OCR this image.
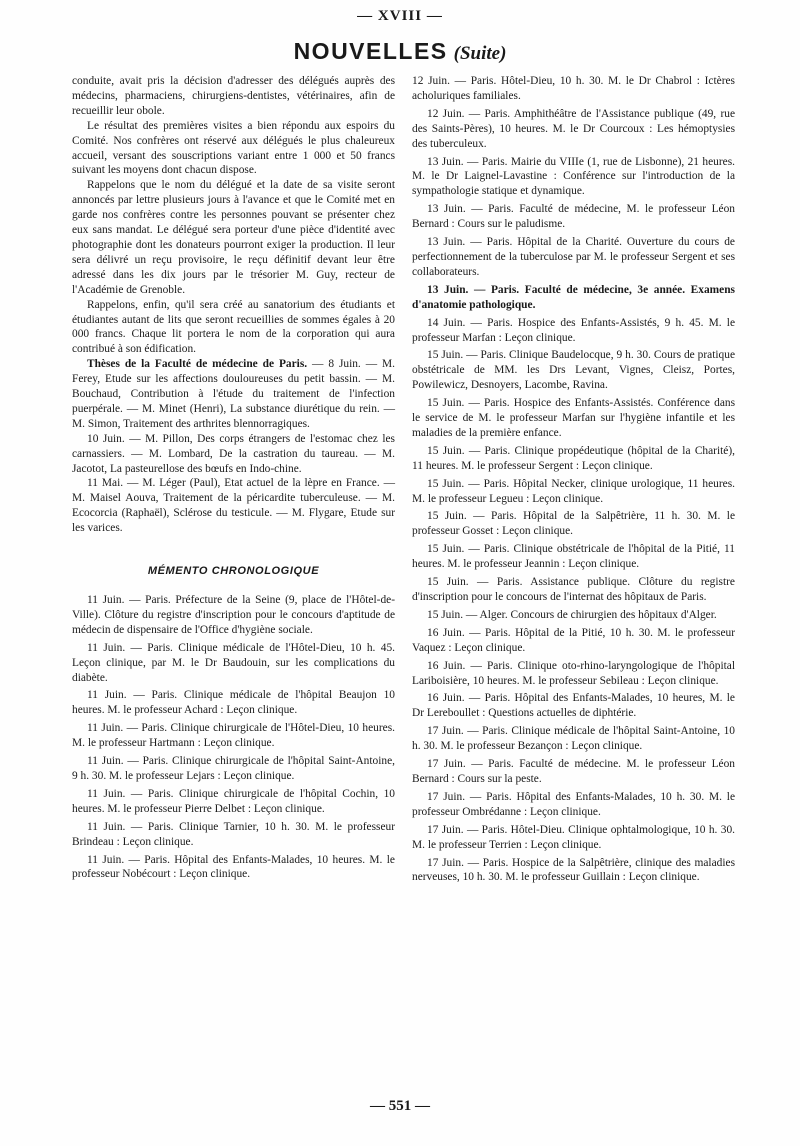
— XVIII —
NOUVELLES (Suite)

conduite, avait pris la décision d'adresser des délégués auprès des médecins, pharmaciens, chirurgiens-dentistes, vétérinaires, afin de recueillir leur obole.

Le résultat des premières visites a bien répondu aux espoirs du Comité. Nos confrères ont réservé aux délégués le plus chaleureux accueil, versant des souscriptions variant entre 1 000 et 50 francs suivant les moyens dont chacun dispose.

Rappelons que le nom du délégué et la date de sa visite seront annoncés par lettre plusieurs jours à l'avance et que le Comité met en garde nos confrères contre les personnes pouvant se présenter chez eux sans mandat. Le délégué sera porteur d'une pièce d'identité avec photographie dont les donateurs pourront exiger la production. Il leur sera délivré un reçu provisoire, le reçu définitif devant leur être adressé dans les dix jours par le trésorier M. Guy, recteur de l'Académie de Grenoble.

Rappelons, enfin, qu'il sera créé au sanatorium des étudiants et étudiantes autant de lits que seront recueillies de sommes égales à 20 000 francs. Chaque lit portera le nom de la corporation qui aura contribué à son édification.

Thèses de la Faculté de médecine de Paris. — 8 Juin. — M. Ferey, Etude sur les affections douloureuses du petit bassin. — M. Bouchaud, Contribution à l'étude du traitement de l'infection puerpérale. — M. Minet (Henri), La substance diurétique du rein. — M. Simon, Traitement des arthrites blennorragiques.

10 Juin. — M. Pillon, Des corps étrangers de l'estomac chez les carnassiers. — M. Lombard, De la castration du taureau. — M. Jacotot, La pasteurellose des bœufs en Indo-chine.

11 Mai. — M. Léger (Paul), Etat actuel de la lèpre en France. — M. Maisel Aouva, Traitement de la péricardite tuberculeuse. — M. Ecocorcia (Raphaël), Sclérose du testicule. — M. Flygare, Etude sur les varices.

MÉMENTO CHRONOLOGIQUE

11 Juin. — Paris. Préfecture de la Seine (9, place de l'Hôtel-de-Ville). Clôture du registre d'inscription pour le concours d'aptitude de médecin de dispensaire de l'Office d'hygiène sociale.

11 Juin. — Paris. Clinique médicale de l'Hôtel-Dieu, 10 h. 45. Leçon clinique, par M. le Dr Baudouin, sur les complications du diabète.

11 Juin. — Paris. Clinique médicale de l'hôpital Beaujon 10 heures. M. le professeur Achard : Leçon clinique.

11 Juin. — Paris. Clinique chirurgicale de l'Hôtel-Dieu, 10 heures. M. le professeur Hartmann : Leçon clinique.

11 Juin. — Paris. Clinique chirurgicale de l'hôpital Saint-Antoine, 9 h. 30. M. le professeur Lejars : Leçon clinique.

11 Juin. — Paris. Clinique chirurgicale de l'hôpital Cochin, 10 heures. M. le professeur Pierre Delbet : Leçon clinique.

11 Juin. — Paris. Clinique Tarnier, 10 h. 30. M. le professeur Brindeau : Leçon clinique.

11 Juin. — Paris. Hôpital des Enfants-Malades, 10 heures. M. le professeur Nobécourt : Leçon clinique.

12 Juin. — Paris. Hôtel-Dieu, 10 h. 30. M. le Dr Chabrol : Ictères acholuriques familiales.

12 Juin. — Paris. Amphithéâtre de l'Assistance publique (49, rue des Saints-Pères), 10 heures. M. le Dr Courcoux : Les hémoptysies des tuberculeux.

13 Juin. — Paris. Mairie du VIIIe (1, rue de Lisbonne), 21 heures. M. le Dr Laignel-Lavastine : Conférence sur l'introduction de la sympathologie statique et dynamique.

13 Juin. — Paris. Faculté de médecine, M. le professeur Léon Bernard : Cours sur le paludisme.

13 Juin. — Paris. Hôpital de la Charité. Ouverture du cours de perfectionnement de la tuberculose par M. le professeur Sergent et ses collaborateurs.

13 Juin. — Paris. Faculté de médecine, 3e année. Examens d'anatomie pathologique.

14 Juin. — Paris. Hospice des Enfants-Assistés, 9 h. 45. M. le professeur Marfan : Leçon clinique.

15 Juin. — Paris. Clinique Baudelocque, 9 h. 30. Cours de pratique obstétricale de MM. les Drs Levant, Vignes, Cleisz, Portes, Powilewicz, Desnoyers, Lacombe, Ravina.

15 Juin. — Paris. Hospice des Enfants-Assistés. Conférence dans le service de M. le professeur Marfan sur l'hygiène infantile et les maladies de la première enfance.

15 Juin. — Paris. Clinique propédeutique (hôpital de la Charité), 11 heures. M. le professeur Sergent : Leçon clinique.

15 Juin. — Paris. Hôpital Necker, clinique urologique, 11 heures. M. le professeur Legueu : Leçon clinique.

15 Juin. — Paris. Hôpital de la Salpêtrière, 11 h. 30. M. le professeur Gosset : Leçon clinique.

15 Juin. — Paris. Clinique obstétricale de l'hôpital de la Pitié, 11 heures. M. le professeur Jeannin : Leçon clinique.

15 Juin. — Paris. Assistance publique. Clôture du registre d'inscription pour le concours de l'internat des hôpitaux de Paris.

15 Juin. — Alger. Concours de chirurgien des hôpitaux d'Alger.

16 Juin. — Paris. Hôpital de la Pitié, 10 h. 30. M. le professeur Vaquez : Leçon clinique.

16 Juin. — Paris. Clinique oto-rhino-laryngologique de l'hôpital Lariboisière, 10 heures. M. le professeur Sebileau : Leçon clinique.

16 Juin. — Paris. Hôpital des Enfants-Malades, 10 heures, M. le Dr Lereboullet : Questions actuelles de diphtérie.

17 Juin. — Paris. Clinique médicale de l'hôpital Saint-Antoine, 10 h. 30. M. le professeur Bezançon : Leçon clinique.

17 Juin. — Paris. Faculté de médecine. M. le professeur Léon Bernard : Cours sur la peste.

17 Juin. — Paris. Hôpital des Enfants-Malades, 10 h. 30. M. le professeur Ombrédanne : Leçon clinique.

17 Juin. — Paris. Hôtel-Dieu. Clinique ophtalmologique, 10 h. 30. M. le professeur Terrien : Leçon clinique.

17 Juin. — Paris. Hospice de la Salpêtrière, clinique des maladies nerveuses, 10 h. 30. M. le professeur Guillain : Leçon clinique.

— 551 —
